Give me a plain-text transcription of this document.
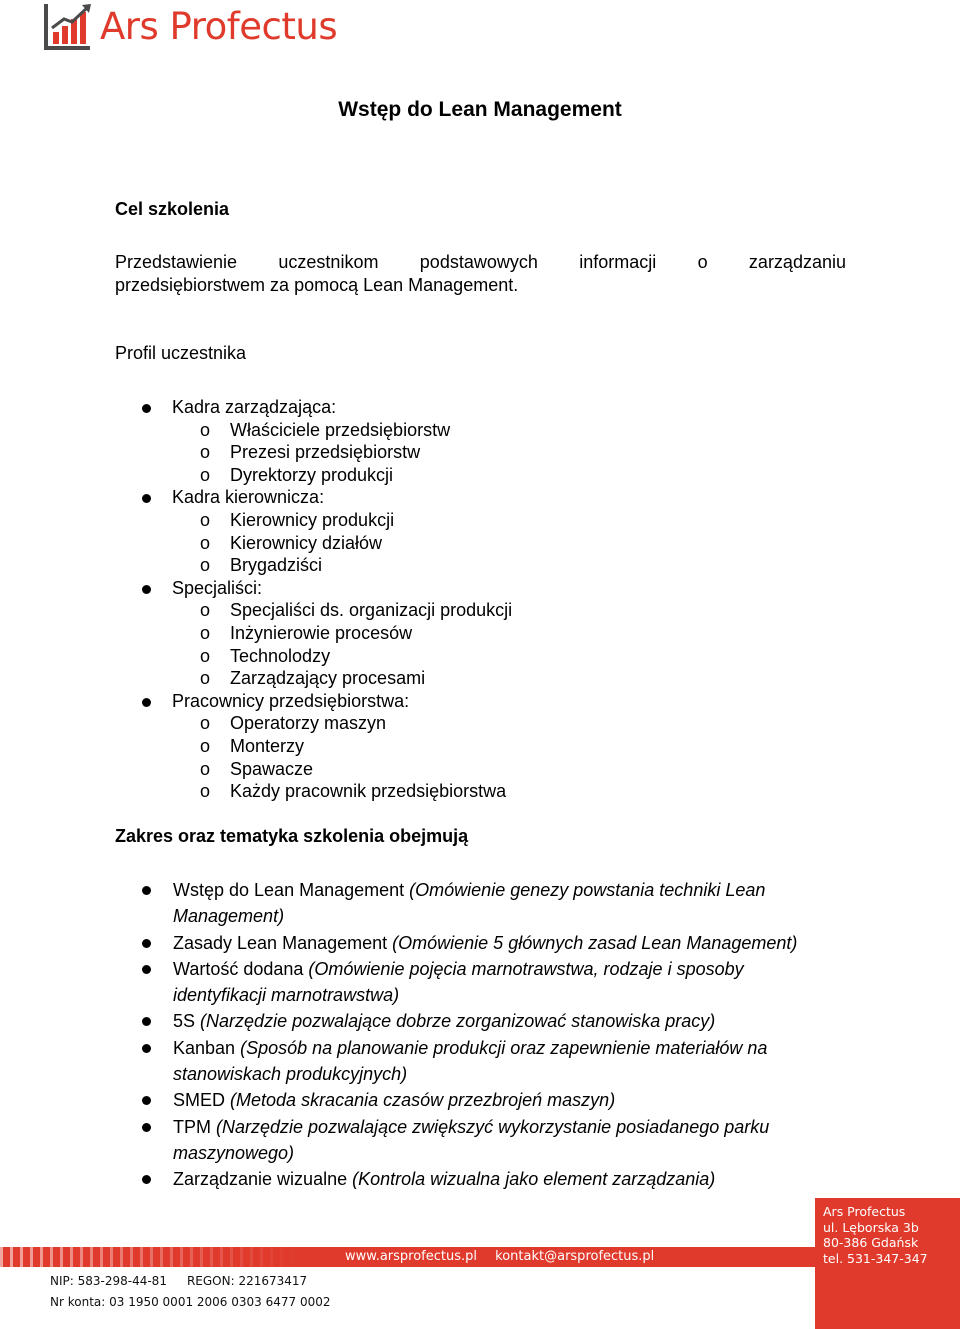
Ars Profectus
Wstęp do Lean Management
Cel szkolenia

Przedstawienie uczestnikom podstawowych informacji o zarządzaniu
przedsiębiorstwem za pomocą Lean Management.

Profil uczestnika

Kadra zarządzająca:
o Właściciele przedsiębiorstw
o Prezesi przedsiębiorstw
o Dyrektorzy produkcji
Kadra kierownicza:
o Kierownicy produkcji
o Kierownicy działów
o Brygadziści
Specjaliści:
o Specjaliści ds. organizacji produkcji
o Inżynierowie procesów
o Technolodzy
o Zarządzający procesami
Pracownicy przedsiębiorstwa:
o Operatorzy maszyn
o Monterzy
o Spawacze
o Każdy pracownik przedsiębiorstwa
Zakres oraz tematyka szkolenia obejmują
Wstęp do Lean Management (Omówienie genezy powstania techniki Lean
Management)
Zasady Lean Management (Omówienie 5 głównych zasad Lean Management)
Wartość dodana (Omówienie pojęcia marnotrawstwa, rodzaje i sposoby
identyfikacji marnotrawstwa)
5S (Narzędzie pozwalające dobrze zorganizować stanowiska pracy)
Kanban (Sposób na planowanie produkcji oraz zapewnienie materiałów na
stanowiskach produkcyjnych)
SMED (Metoda skracania czasów przezbrojeń maszyn)
TPM (Narzędzie pozwalające zwiększyć wykorzystanie posiadanego parku
maszynowego)
Zarządzanie wizualne (Kontrola wizualna jako element zarządzania)
www.arsprofectus.pl kontakt@arsprofectus.pl
Ars Profectus
ul. Lęborska 3b
80-386 Gdańsk
tel. 531-347-347
NIP: 583-298-44-81 REGON: 221673417
Nr konta: 03 1950 0001 2006 0303 6477 0002
